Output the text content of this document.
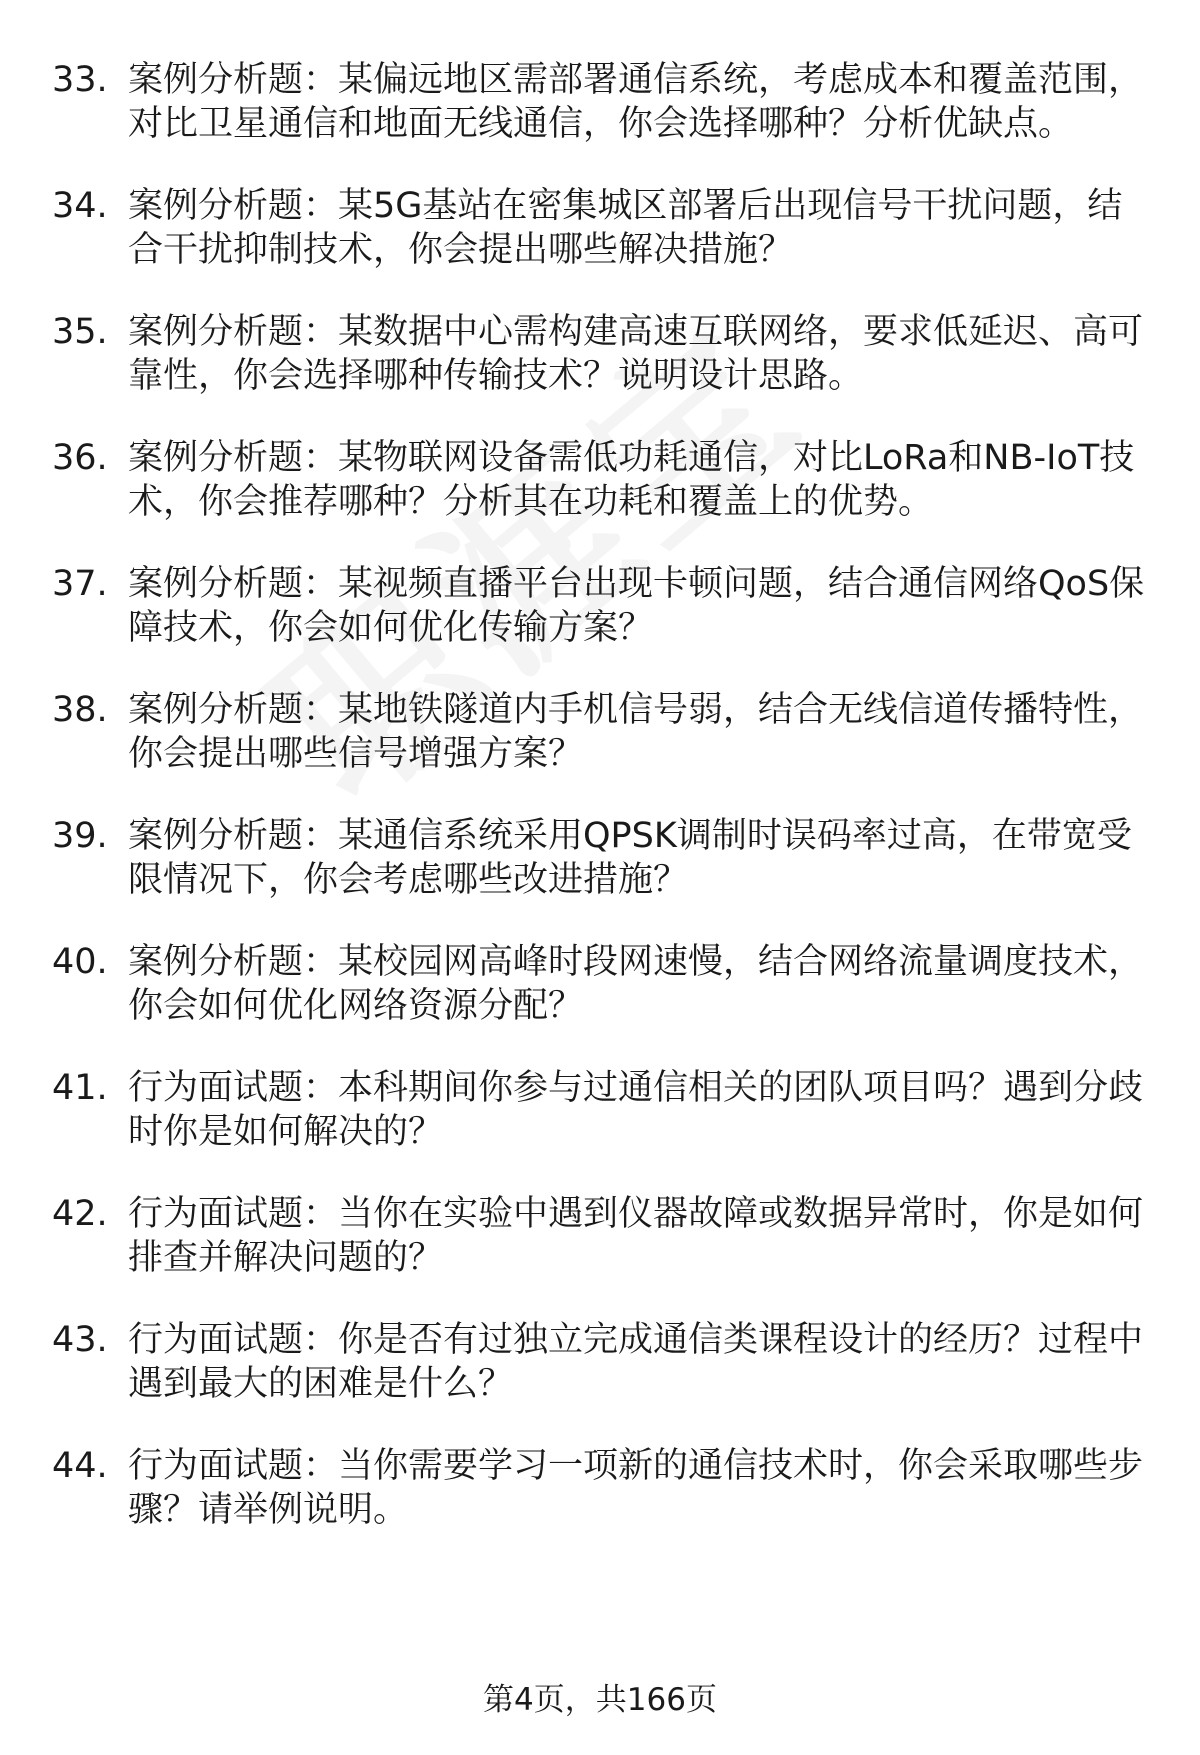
33. 案例分析题：某偏远地区需部署通信系统，考虑成本和覆盖范围，对比卫星通信和地面无线通信，你会选择哪种？分析优缺点。
34. 案例分析题：某5G基站在密集城区部署后出现信号干扰问题，结合干扰抑制技术，你会提出哪些解决措施？
35. 案例分析题：某数据中心需构建高速互联网络，要求低延迟、高可靠性，你会选择哪种传输技术？说明设计思路。
36. 案例分析题：某物联网设备需低功耗通信，对比LoRa和NB-IoT技术，你会推荐哪种？分析其在功耗和覆盖上的优势。
37. 案例分析题：某视频直播平台出现卡顿问题，结合通信网络QoS保障技术，你会如何优化传输方案？
38. 案例分析题：某地铁隧道内手机信号弱，结合无线信道传播特性，你会提出哪些信号增强方案？
39. 案例分析题：某通信系统采用QPSK调制时误码率过高，在带宽受限情况下，你会考虑哪些改进措施？
40. 案例分析题：某校园网高峰时段网速慢，结合网络流量调度技术，你会如何优化网络资源分配？
41. 行为面试题：本科期间你参与过通信相关的团队项目吗？遇到分歧时你是如何解决的？
42. 行为面试题：当你在实验中遇到仪器故障或数据异常时，你是如何排查并解决问题的？
43. 行为面试题：你是否有过独立完成通信类课程设计的经历？过程中遇到最大的困难是什么？
44. 行为面试题：当你需要学习一项新的通信技术时，你会采取哪些步骤？请举例说明。
第4页，共166页
